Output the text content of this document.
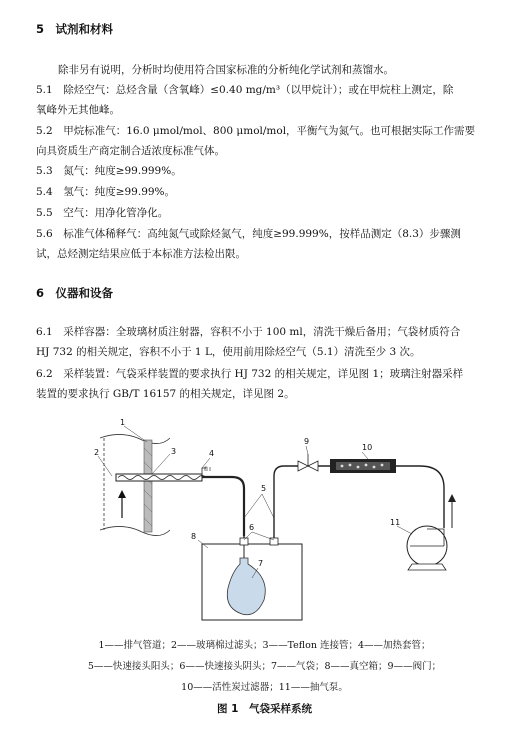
5　试剂和材料
除非另有说明，分析时均使用符合国家标准的分析纯化学试剂和蒸馏水。
5.1　除烃空气：总烃含量（含氧峰）≤0.40 mg/m³（以甲烷计）；或在甲烷柱上测定，除
氧峰外无其他峰。
5.2　甲烷标准气：16.0 μmol/mol、800 μmol/mol，平衡气为氮气。也可根据实际工作需要
向具资质生产商定制合适浓度标准气体。
5.3　氮气：纯度≥99.999%。
5.4　氢气：纯度≥99.99%。
5.5　空气：用净化管净化。
5.6　标准气体稀释气：高纯氮气或除烃氮气，纯度≥99.999%，按样品测定（8.3）步骤测
试，总烃测定结果应低于本标准方法检出限。
6　仪器和设备
6.1　采样容器：全玻璃材质注射器，容积不小于 100 ml，清洗干燥后备用；气袋材质符合
HJ 732 的相关规定，容积不小于 1 L，使用前用除烃空气（5.1）清洗至少 3 次。
6.2　采样装置：气袋采样装置的要求执行 HJ 732 的相关规定，详见图 1；玻璃注射器采样
装置的要求执行 GB/T 16157 的相关规定，详见图 2。
1
2	3	4
5
6
7
8
9
10
11
1——排气管道；2——玻璃棉过滤头；3——Teflon 连接管；4——加热套管；
5——快速接头阳头；6——快速接头阴头；7——气袋；8——真空箱；9——阀门；
10——活性炭过滤器；11——抽气泵。
图 1　气袋采样系统
